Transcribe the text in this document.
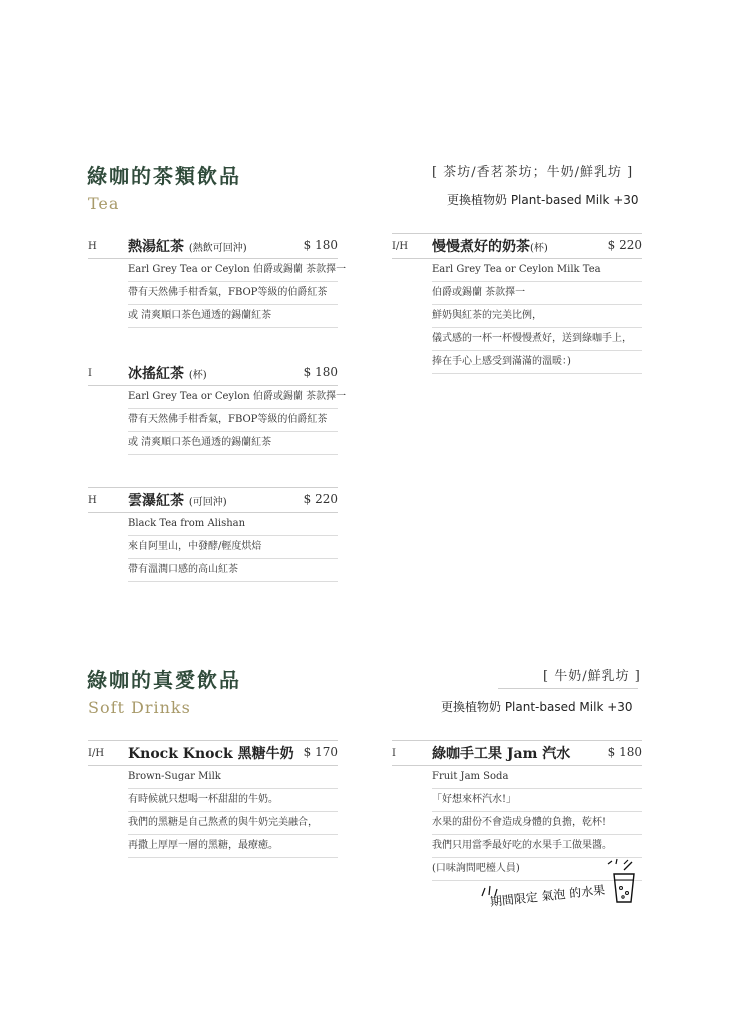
綠咖的茶類飲品
Tea
[ 茶坊/香茗茶坊；牛奶/鮮乳坊 ]
更換植物奶 Plant-based Milk +30
H 熱湯紅茶 (熱飲可回沖)	$ 180
Earl Grey Tea or Ceylon 伯爵或錫蘭 茶款擇一
帶有天然佛手柑香氣，FBOP等級的伯爵紅茶
或 清爽順口茶色通透的錫蘭紅茶
I	冰搖紅茶 (杯)	$ 180
Earl Grey Tea or Ceylon 伯爵或錫蘭 茶款擇一
帶有天然佛手柑香氣，FBOP等級的伯爵紅茶
或 清爽順口茶色通透的錫蘭紅茶
H 雲瀑紅茶 (可回沖)	$ 220
Black Tea from Alishan
來自阿里山，中發酵/輕度烘焙
帶有溫潤口感的高山紅茶
I/H 慢慢煮好的奶茶(杯)	$ 220
Earl Grey Tea or Ceylon Milk Tea
伯爵或錫蘭 茶款擇一
鮮奶與紅茶的完美比例，
儀式感的一杯一杯慢慢煮好，送到綠咖手上，
捧在手心上感受到滿滿的溫暖：)
綠咖的真愛飲品
Soft Drinks
[ 牛奶/鮮乳坊 ]
更換植物奶 Plant-based Milk +30
I/H Knock Knock 黑糖牛奶 $ 170
Brown-Sugar Milk
有時候就只想喝一杯甜甜的牛奶。
我們的黑糖是自己熬煮的與牛奶完美融合，
再撒上厚厚一層的黑糖，最療癒。
I	綠咖手工果 Jam 汽水	$ 180
Fruit Jam Soda
「好想來杯汽水!」
水果的甜份不會造成身體的負擔，乾杯!
我們只用當季最好吃的水果手工做果醬。
(口味詢問吧檯人員)
期間限定 氣泡 的水果
